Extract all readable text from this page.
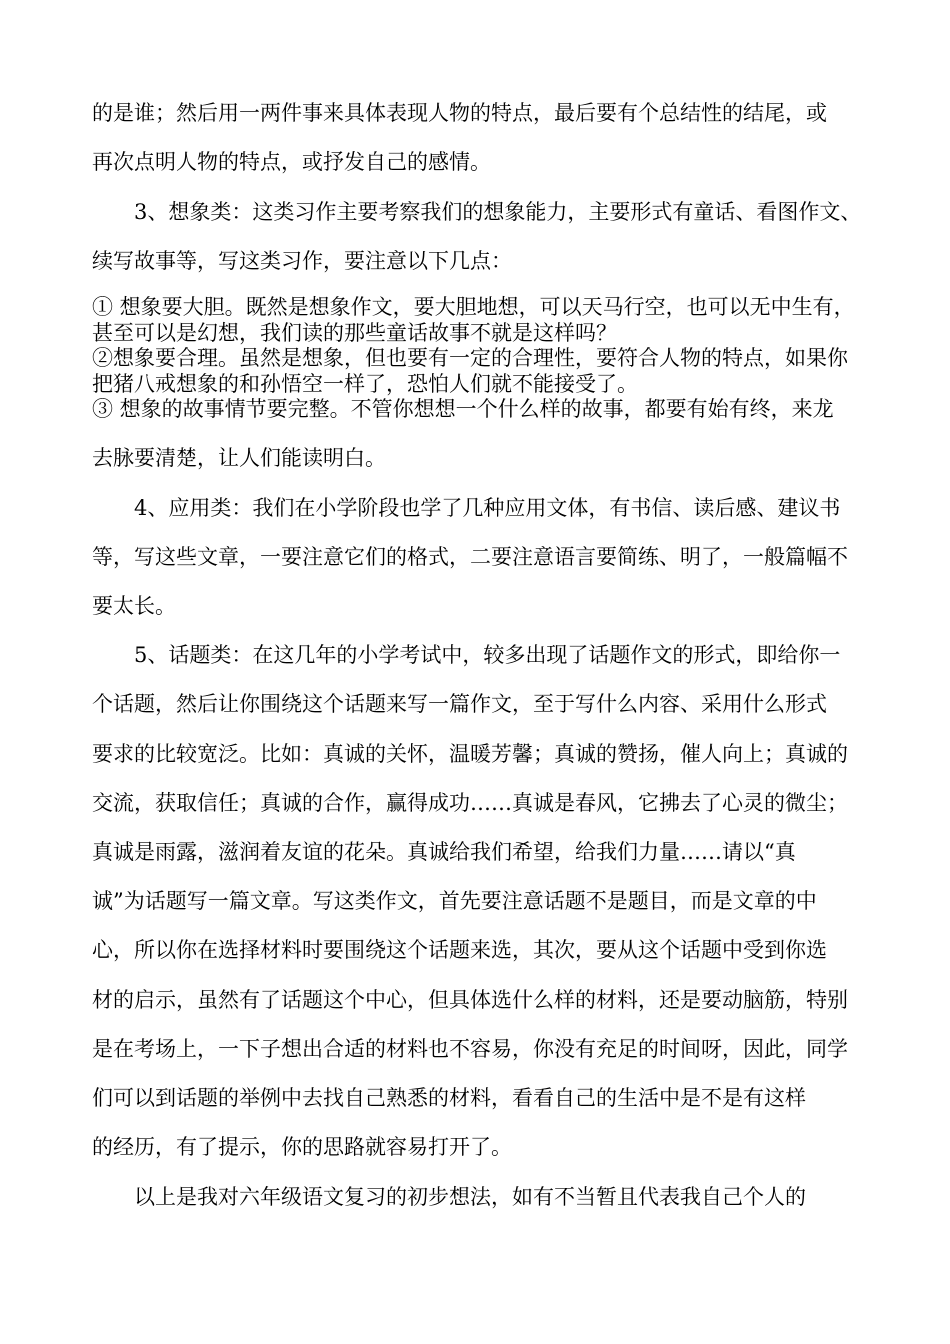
的是谁；然后用一两件事来具体表现人物的特点，最后要有个总结性的结尾，或
再次点明人物的特点，或抒发自己的感情。
3、想象类：这类习作主要考察我们的想象能力，主要形式有童话、看图作文、
续写故事等，写这类习作，要注意以下几点：
① 想象要大胆。既然是想象作文，要大胆地想，可以天马行空，也可以无中生有，
甚至可以是幻想，我们读的那些童话故事不就是这样吗？
②想象要合理。虽然是想象，但也要有一定的合理性，要符合人物的特点，如果你
把猪八戒想象的和孙悟空一样了，恐怕人们就不能接受了。
③ 想象的故事情节要完整。不管你想想一个什么样的故事，都要有始有终，来龙
去脉要清楚，让人们能读明白。
4、应用类：我们在小学阶段也学了几种应用文体，有书信、读后感、建议书
等，写这些文章，一要注意它们的格式，二要注意语言要简练、明了，一般篇幅不
要太长。
5、话题类：在这几年的小学考试中，较多出现了话题作文的形式，即给你一
个话题，然后让你围绕这个话题来写一篇作文，至于写什么内容、采用什么形式
要求的比较宽泛。比如：真诚的关怀，温暖芳馨；真诚的赞扬，催人向上；真诚的
交流，获取信任；真诚的合作，赢得成功……真诚是春风，它拂去了心灵的微尘；
真诚是雨露，滋润着友谊的花朵。真诚给我们希望，给我们力量……请以“真
诚”为话题写一篇文章。写这类作文，首先要注意话题不是题目，而是文章的中
心，所以你在选择材料时要围绕这个话题来选，其次，要从这个话题中受到你选
材的启示，虽然有了话题这个中心，但具体选什么样的材料，还是要动脑筋，特别
是在考场上，一下子想出合适的材料也不容易，你没有充足的时间呀，因此，同学
们可以到话题的举例中去找自己熟悉的材料，看看自己的生活中是不是有这样
的经历，有了提示，你的思路就容易打开了。
以上是我对六年级语文复习的初步想法，如有不当暂且代表我自己个人的
